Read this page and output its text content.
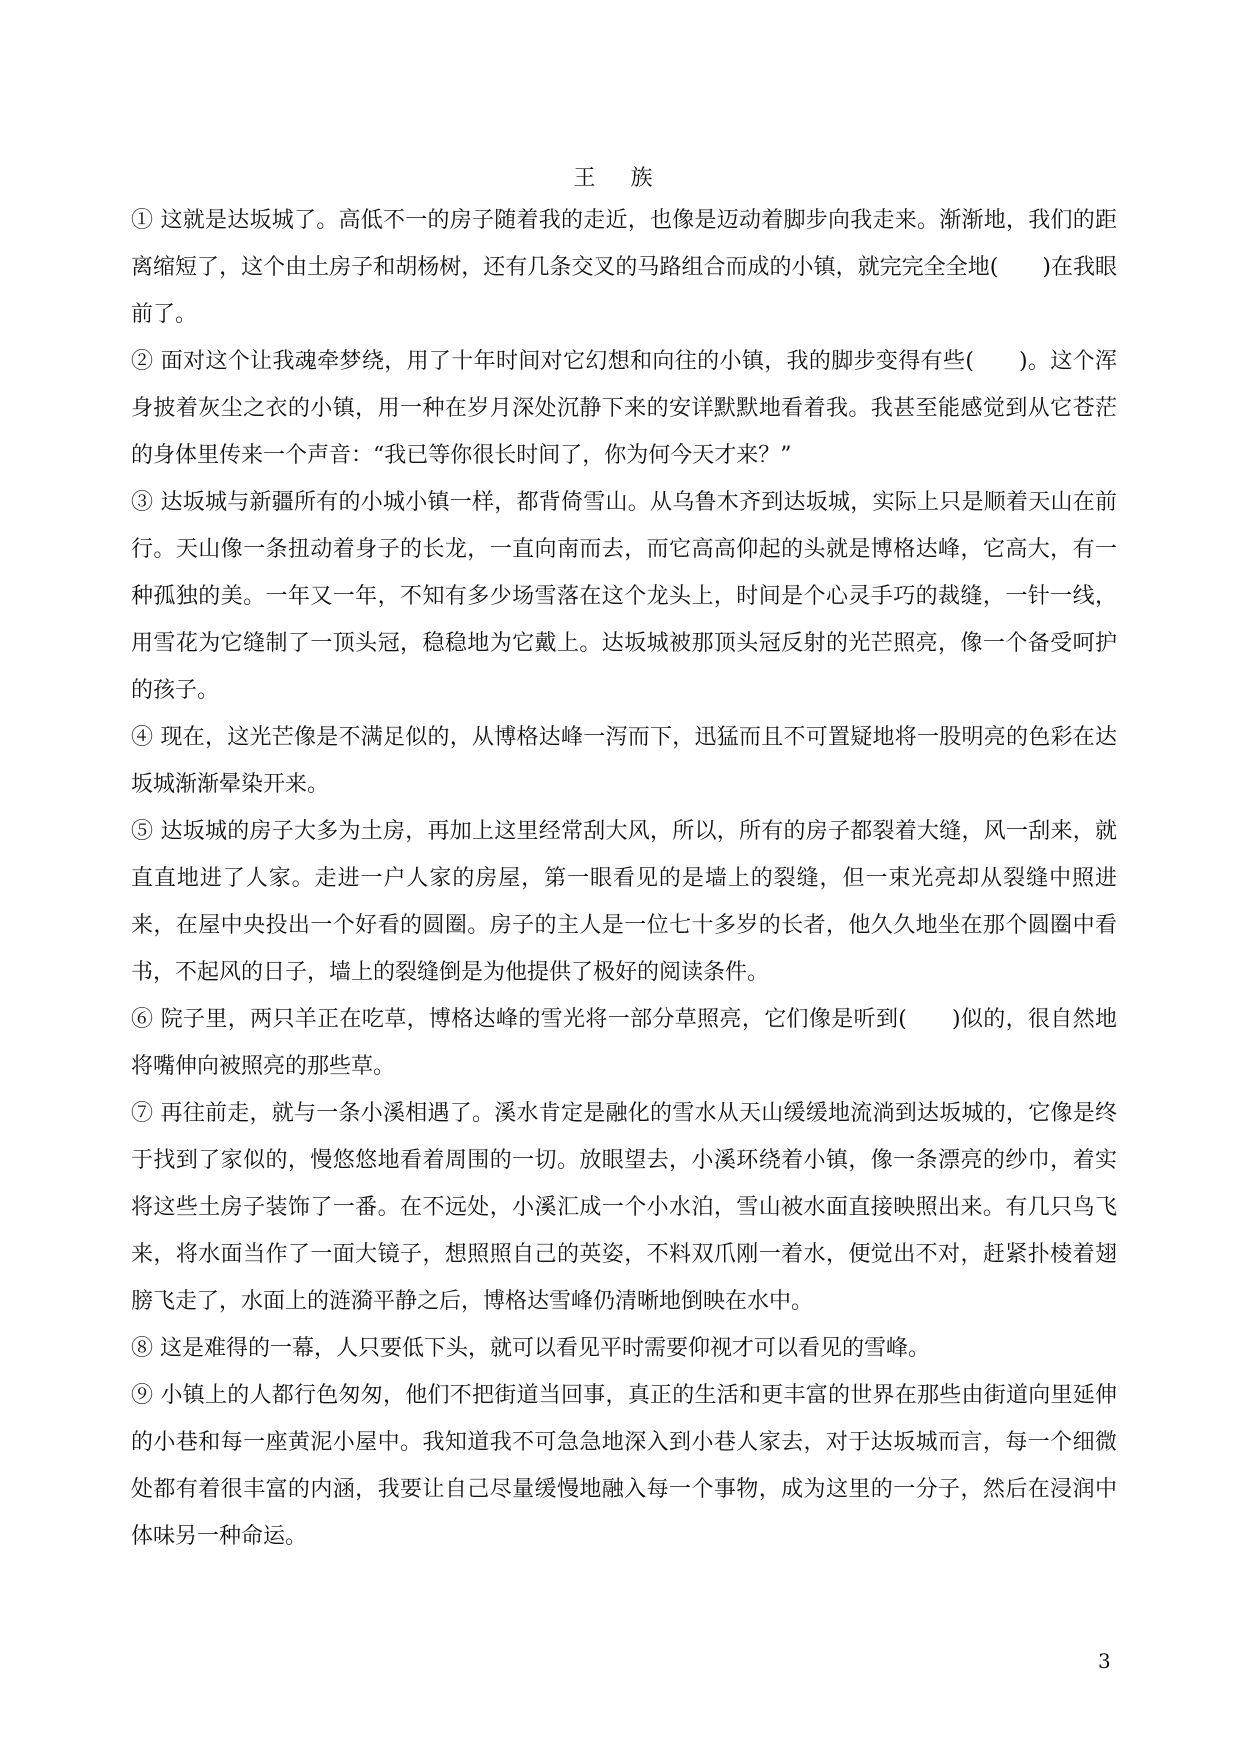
王 族

① 这就是达坂城了。高低不一的房子随着我的走近，也像是迈动着脚步向我走来。渐渐地，我们的距离缩短了，这个由土房子和胡杨树，还有几条交叉的马路组合而成的小镇，就完完全全地(　　)在我眼前了。

② 面对这个让我魂牵梦绕，用了十年时间对它幻想和向往的小镇，我的脚步变得有些(　　)。这个浑身披着灰尘之衣的小镇，用一种在岁月深处沉静下来的安详默默地看着我。我甚至能感觉到从它苍茫的身体里传来一个声音：“我已等你很长时间了，你为何今天才来？”

③ 达坂城与新疆所有的小城小镇一样，都背倚雪山。从乌鲁木齐到达坂城，实际上只是顺着天山在前行。天山像一条扭动着身子的长龙，一直向南而去，而它高高仰起的头就是博格达峰，它高大，有一种孤独的美。一年又一年，不知有多少场雪落在这个龙头上，时间是个心灵手巧的裁缝，一针一线，用雪花为它缝制了一顶头冠，稳稳地为它戴上。达坂城被那顶头冠反射的光芒照亮，像一个备受呵护的孩子。

④ 现在，这光芒像是不满足似的，从博格达峰一泻而下，迅猛而且不可置疑地将一股明亮的色彩在达坂城渐渐晕染开来。

⑤ 达坂城的房子大多为土房，再加上这里经常刮大风，所以，所有的房子都裂着大缝，风一刮来，就直直地进了人家。走进一户人家的房屋，第一眼看见的是墙上的裂缝，但一束光亮却从裂缝中照进来，在屋中央投出一个好看的圆圈。房子的主人是一位七十多岁的长者，他久久地坐在那个圆圈中看书，不起风的日子，墙上的裂缝倒是为他提供了极好的阅读条件。

⑥ 院子里，两只羊正在吃草，博格达峰的雪光将一部分草照亮，它们像是听到(　　)似的，很自然地将嘴伸向被照亮的那些草。

⑦ 再往前走，就与一条小溪相遇了。溪水肯定是融化的雪水从天山缓缓地流淌到达坂城的，它像是终于找到了家似的，慢悠悠地看着周围的一切。放眼望去，小溪环绕着小镇，像一条漂亮的纱巾，着实将这些土房子装饰了一番。在不远处，小溪汇成一个小水泊，雪山被水面直接映照出来。有几只鸟飞来，将水面当作了一面大镜子，想照照自己的英姿，不料双爪刚一着水，便觉出不对，赶紧扑棱着翅膀飞走了，水面上的涟漪平静之后，博格达雪峰仍清晰地倒映在水中。

⑧ 这是难得的一幕，人只要低下头，就可以看见平时需要仰视才可以看见的雪峰。

⑨ 小镇上的人都行色匆匆，他们不把街道当回事，真正的生活和更丰富的世界在那些由街道向里延伸的小巷和每一座黄泥小屋中。我知道我不可急急地深入到小巷人家去，对于达坂城而言，每一个细微处都有着很丰富的内涵，我要让自己尽量缓慢地融入每一个事物，成为这里的一分子，然后在浸润中体味另一种命运。

3
